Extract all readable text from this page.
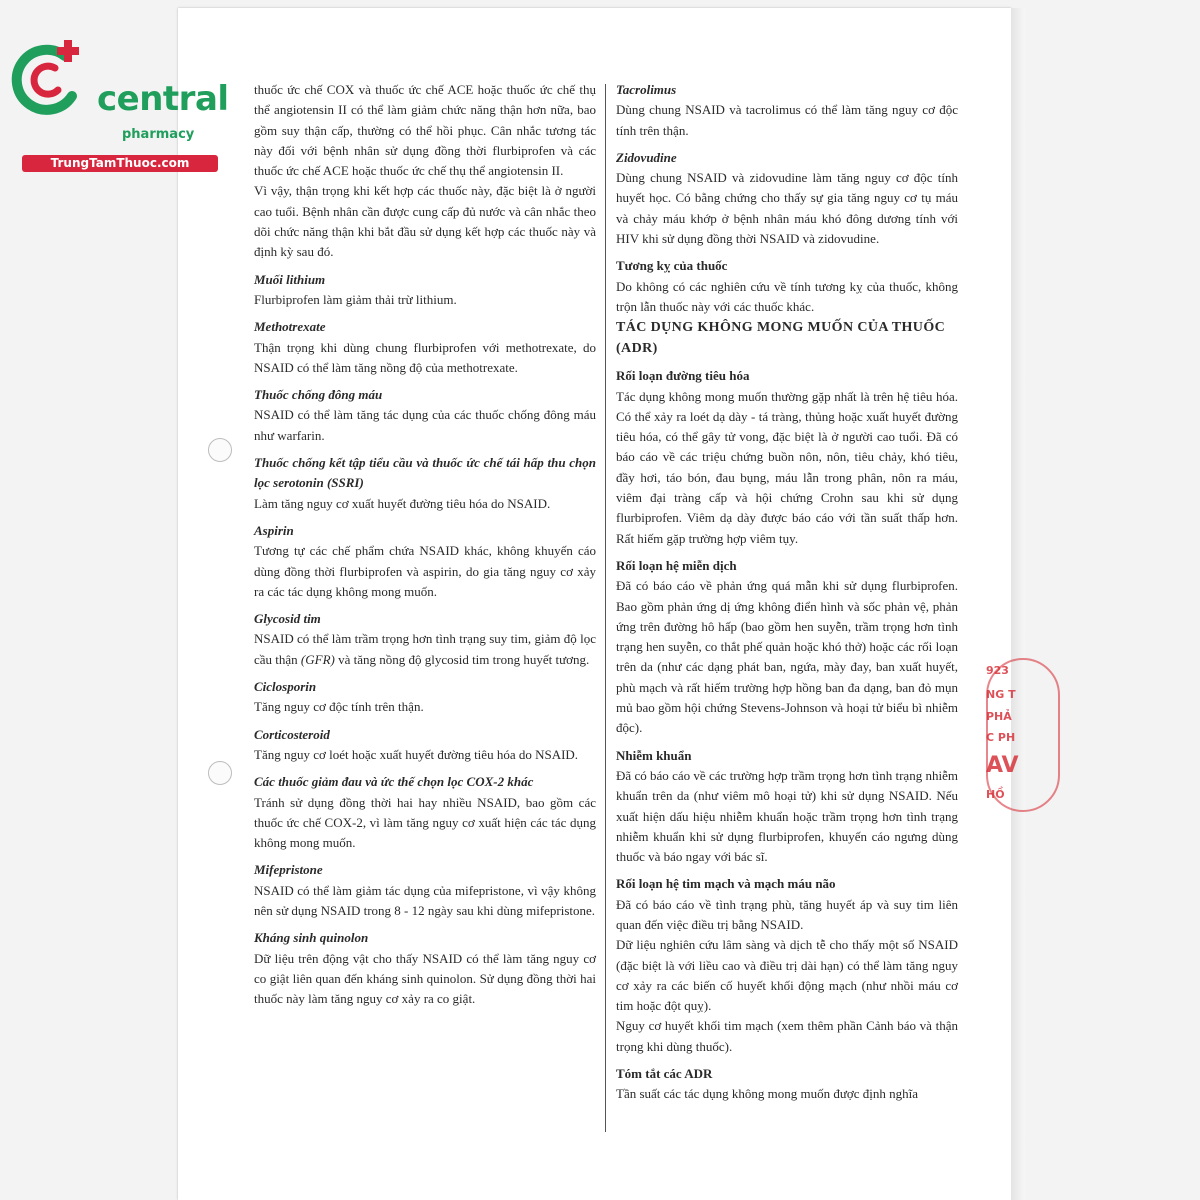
central
pharmacy
TrungTamThuoc.com

thuốc ức chế COX và thuốc ức chế ACE hoặc thuốc ức chế thụ thể angiotensin II có thể làm giảm chức năng thận hơn nữa, bao gồm suy thận cấp, thường có thể hồi phục. Cân nhắc tương tác này đối với bệnh nhân sử dụng đồng thời flurbiprofen và các thuốc ức chế ACE hoặc thuốc ức chế thụ thể angiotensin II.

Vì vậy, thận trọng khi kết hợp các thuốc này, đặc biệt là ở người cao tuổi. Bệnh nhân cần được cung cấp đủ nước và cân nhắc theo dõi chức năng thận khi bắt đầu sử dụng kết hợp các thuốc này và định kỳ sau đó.

Muối lithium

Flurbiprofen làm giảm thải trừ lithium.

Methotrexate

Thận trọng khi dùng chung flurbiprofen với methotrexate, do NSAID có thể làm tăng nồng độ của methotrexate.

Thuốc chống đông máu

NSAID có thể làm tăng tác dụng của các thuốc chống đông máu như warfarin.

Thuốc chống kết tập tiểu cầu và thuốc ức chế tái hấp thu chọn lọc serotonin (SSRI)

Làm tăng nguy cơ xuất huyết đường tiêu hóa do NSAID.

Aspirin

Tương tự các chế phẩm chứa NSAID khác, không khuyến cáo dùng đồng thời flurbiprofen và aspirin, do gia tăng nguy cơ xảy ra các tác dụng không mong muốn.

Glycosid tim

NSAID có thể làm trầm trọng hơn tình trạng suy tim, giảm độ lọc cầu thận (GFR) và tăng nồng độ glycosid tim trong huyết tương.

Ciclosporin

Tăng nguy cơ độc tính trên thận.

Corticosteroid

Tăng nguy cơ loét hoặc xuất huyết đường tiêu hóa do NSAID.

Các thuốc giảm đau và ức thế chọn lọc COX-2 khác

Tránh sử dụng đồng thời hai hay nhiều NSAID, bao gồm các thuốc ức chế COX-2, vì làm tăng nguy cơ xuất hiện các tác dụng không mong muốn.

Mifepristone

NSAID có thể làm giảm tác dụng của mifepristone, vì vậy không nên sử dụng NSAID trong 8 - 12 ngày sau khi dùng mifepristone.

Kháng sinh quinolon

Dữ liệu trên động vật cho thấy NSAID có thể làm tăng nguy cơ co giật liên quan đến kháng sinh quinolon. Sử dụng đồng thời hai thuốc này làm tăng nguy cơ xảy ra co giật.

Tacrolimus

Dùng chung NSAID và tacrolimus có thể làm tăng nguy cơ độc tính trên thận.

Zidovudine

Dùng chung NSAID và zidovudine làm tăng nguy cơ độc tính huyết học. Có bằng chứng cho thấy sự gia tăng nguy cơ tụ máu và chảy máu khớp ở bệnh nhân máu khó đông dương tính với HIV khi sử dụng đồng thời NSAID và zidovudine.

Tương kỵ của thuốc

Do không có các nghiên cứu về tính tương kỵ của thuốc, không trộn lẫn thuốc này với các thuốc khác.

TÁC DỤNG KHÔNG MONG MUỐN CỦA THUỐC (ADR)

Rối loạn đường tiêu hóa

Tác dụng không mong muốn thường gặp nhất là trên hệ tiêu hóa. Có thể xảy ra loét dạ dày - tá tràng, thủng hoặc xuất huyết đường tiêu hóa, có thể gây tử vong, đặc biệt là ở người cao tuổi. Đã có báo cáo về các triệu chứng buồn nôn, nôn, tiêu chảy, khó tiêu, đầy hơi, táo bón, đau bụng, máu lẫn trong phân, nôn ra máu, viêm đại tràng cấp và hội chứng Crohn sau khi sử dụng flurbiprofen. Viêm dạ dày được báo cáo với tần suất thấp hơn. Rất hiếm gặp trường hợp viêm tụy.

Rối loạn hệ miễn dịch

Đã có báo cáo về phản ứng quá mẫn khi sử dụng flurbiprofen. Bao gồm phản ứng dị ứng không điển hình và sốc phản vệ, phản ứng trên đường hô hấp (bao gồm hen suyễn, trầm trọng hơn tình trạng hen suyễn, co thắt phế quản hoặc khó thở) hoặc các rối loạn trên da (như các dạng phát ban, ngứa, mày đay, ban xuất huyết, phù mạch và rất hiếm trường hợp hồng ban đa dạng, ban đỏ mụn mủ bao gồm hội chứng Stevens-Johnson và hoại tử biểu bì nhiễm độc).

Nhiễm khuẩn

Đã có báo cáo về các trường hợp trầm trọng hơn tình trạng nhiễm khuẩn trên da (như viêm mô hoại tử) khi sử dụng NSAID. Nếu xuất hiện dấu hiệu nhiễm khuẩn hoặc trầm trọng hơn tình trạng nhiễm khuẩn khi sử dụng flurbiprofen, khuyến cáo ngưng dùng thuốc và báo ngay với bác sĩ.

Rối loạn hệ tim mạch và mạch máu não

Đã có báo cáo về tình trạng phù, tăng huyết áp và suy tim liên quan đến việc điều trị bằng NSAID.

Dữ liệu nghiên cứu lâm sàng và dịch tễ cho thấy một số NSAID (đặc biệt là với liều cao và điều trị dài hạn) có thể làm tăng nguy cơ xảy ra các biến cố huyết khối động mạch (như nhồi máu cơ tim hoặc đột quỵ).

Nguy cơ huyết khối tim mạch (xem thêm phần Cảnh báo và thận trọng khi dùng thuốc).

Tóm tắt các ADR

Tần suất các tác dụng không mong muốn được định nghĩa

923
NG T
PHẢ
C PH
AV
HỒ
